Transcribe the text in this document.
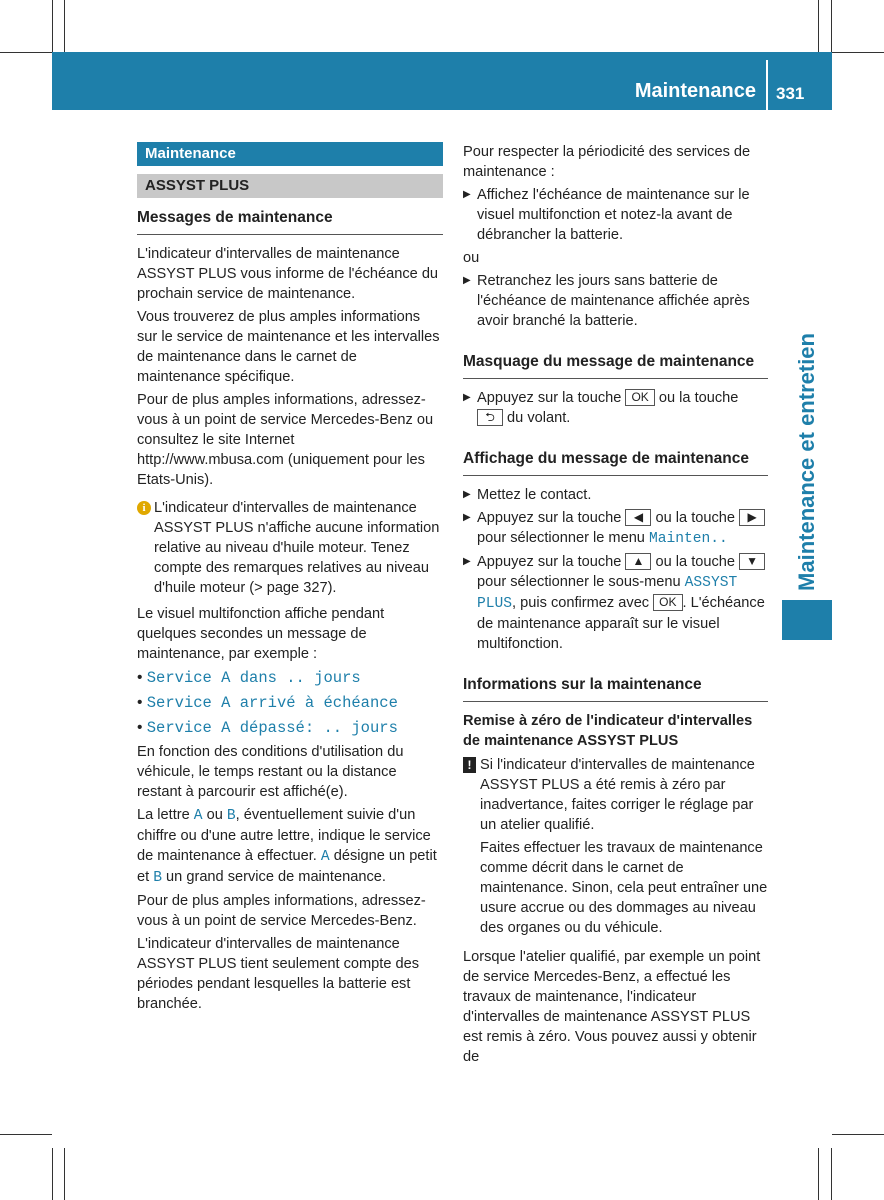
Maintenance 331
Maintenance et entretien
Maintenance
ASSYST PLUS
Messages de maintenance

L'indicateur d'intervalles de maintenance ASSYST PLUS vous informe de l'échéance du prochain service de maintenance.

Vous trouverez de plus amples informations sur le service de maintenance et les intervalles de maintenance dans le carnet de maintenance spécifique.

Pour de plus amples informations, adressez-vous à un point de service Mercedes-Benz ou consultez le site Internet http://www.mbusa.com (uniquement pour les Etats-Unis).

i L'indicateur d'intervalles de maintenance ASSYST PLUS n'affiche aucune information relative au niveau d'huile moteur. Tenez compte des remarques relatives au niveau d'huile moteur (> page 327).

Le visuel multifonction affiche pendant quelques secondes un message de maintenance, par exemple :

• Service A dans .. jours
• Service A arrivé à échéance
• Service A dépassé: .. jours

En fonction des conditions d'utilisation du véhicule, le temps restant ou la distance restant à parcourir est affiché(e).

La lettre A ou B, éventuellement suivie d'un chiffre ou d'une autre lettre, indique le service de maintenance à effectuer. A désigne un petit et B un grand service de maintenance.

Pour de plus amples informations, adressez-vous à un point de service Mercedes-Benz.

L'indicateur d'intervalles de maintenance ASSYST PLUS tient seulement compte des périodes pendant lesquelles la batterie est branchée.

Pour respecter la périodicité des services de maintenance :

▶ Affichez l'échéance de maintenance sur le visuel multifonction et notez-la avant de débrancher la batterie.

ou

▶ Retranchez les jours sans batterie de l'échéance de maintenance affichée après avoir branché la batterie.
Masquage du message de maintenance
▶ Appuyez sur la touche OK ou la touche ⮌ du volant.
Affichage du message de maintenance
▶ Mettez le contact.
▶ Appuyez sur la touche ◀ ou la touche ▶ pour sélectionner le menu Mainten..
▶ Appuyez sur la touche ▲ ou la touche ▼ pour sélectionner le sous-menu ASSYST PLUS, puis confirmez avec OK . L'échéance de maintenance apparaît sur le visuel multifonction.
Informations sur la maintenance
Remise à zéro de l'indicateur d'intervalles de maintenance ASSYST PLUS
! Si l'indicateur d'intervalles de maintenance ASSYST PLUS a été remis à zéro par inadvertance, faites corriger le réglage par un atelier qualifié.

Faites effectuer les travaux de maintenance comme décrit dans le carnet de maintenance. Sinon, cela peut entraîner une usure accrue ou des dommages au niveau des organes ou du véhicule.

Lorsque l'atelier qualifié, par exemple un point de service Mercedes-Benz, a effectué les travaux de maintenance, l'indicateur d'intervalles de maintenance ASSYST PLUS est remis à zéro. Vous pouvez aussi y obtenir de
